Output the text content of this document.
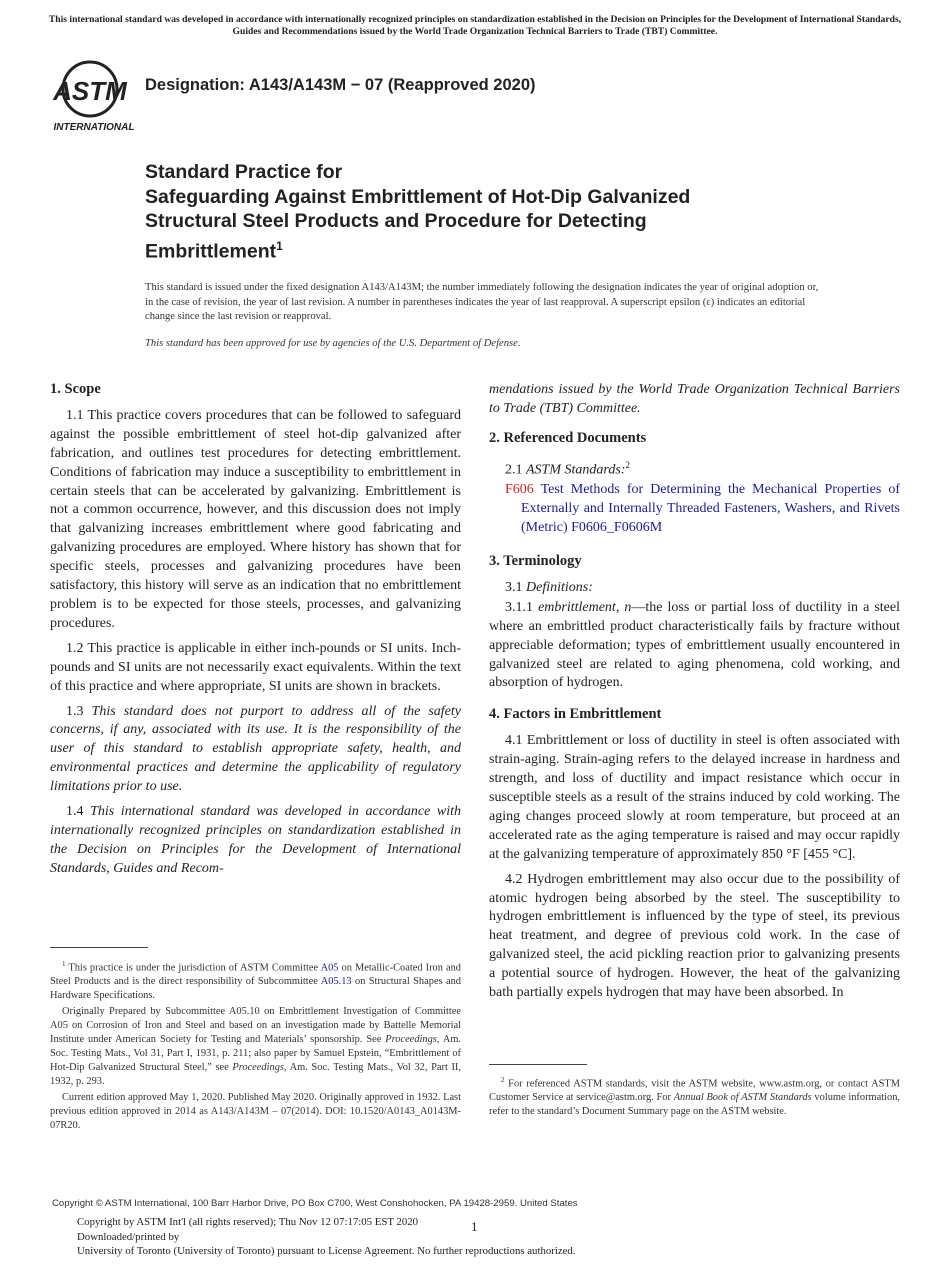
This international standard was developed in accordance with internationally recognized principles on standardization established in the Decision on Principles for the Development of International Standards, Guides and Recommendations issued by the World Trade Organization Technical Barriers to Trade (TBT) Committee.
ASTM
INTERNATIONAL
Designation: A143/A143M − 07 (Reapproved 2020)
Standard Practice for
Safeguarding Against Embrittlement of Hot-Dip Galvanized
Structural Steel Products and Procedure for Detecting
Embrittlement$^1$
This standard is issued under the fixed designation A143/A143M; the number immediately following the designation indicates the year of original adoption or, in the case of revision, the year of last revision. A number in parentheses indicates the year of last reapproval. A superscript epsilon (ε) indicates an editorial change since the last revision or reapproval.
This standard has been approved for use by agencies of the U.S. Department of Defense.
1. Scope

1.1 This practice covers procedures that can be followed to safeguard against the possible embrittlement of steel hot-dip galvanized after fabrication, and outlines test procedures for detecting embrittlement. Conditions of fabrication may induce a susceptibility to embrittlement in certain steels that can be accelerated by galvanizing. Embrittlement is not a common occurrence, however, and this discussion does not imply that galvanizing increases embrittlement where good fabricating and galvanizing procedures are employed. Where history has shown that for specific steels, processes and galvanizing procedures have been satisfactory, this history will serve as an indication that no embrittlement problem is to be expected for those steels, processes, and galvanizing procedures.

1.2 This practice is applicable in either inch-pounds or SI units. Inch-pounds and SI units are not necessarily exact equivalents. Within the text of this practice and where appropriate, SI units are shown in brackets.

1.3 This standard does not purport to address all of the safety concerns, if any, associated with its use. It is the responsibility of the user of this standard to establish appropriate safety, health, and environmental practices and determine the applicability of regulatory limitations prior to use.

1.4 This international standard was developed in accordance with internationally recognized principles on standardization established in the Decision on Principles for the Development of International Standards, Guides and Recom-

mendations issued by the World Trade Organization Technical Barriers to Trade (TBT) Committee.

2. Referenced Documents

2.1 ASTM Standards:$^2$

F606 Test Methods for Determining the Mechanical Properties of Externally and Internally Threaded Fasteners, Washers, and Rivets (Metric) F0606_F0606M
3. Terminology

3.1 Definitions:

3.1.1 embrittlement, n—the loss or partial loss of ductility in a steel where an embrittled product characteristically fails by fracture without appreciable deformation; types of embrittlement usually encountered in galvanized steel are related to aging phenomena, cold working, and absorption of hydrogen.

4. Factors in Embrittlement

4.1 Embrittlement or loss of ductility in steel is often associated with strain-aging. Strain-aging refers to the delayed increase in hardness and strength, and loss of ductility and impact resistance which occur in susceptible steels as a result of the strains induced by cold working. The aging changes proceed slowly at room temperature, but proceed at an accelerated rate as the aging temperature is raised and may occur rapidly at the galvanizing temperature of approximately 850 °F [455 °C].

4.2 Hydrogen embrittlement may also occur due to the possibility of atomic hydrogen being absorbed by the steel. The susceptibility to hydrogen embrittlement is influenced by the type of steel, its previous heat treatment, and degree of previous cold work. In the case of galvanized steel, the acid pickling reaction prior to galvanizing presents a potential source of hydrogen. However, the heat of the galvanizing bath partially expels hydrogen that may have been absorbed. In

$^1$ This practice is under the jurisdiction of ASTM Committee A05 on Metallic-Coated Iron and Steel Products and is the direct responsibility of Subcommittee A05.13 on Structural Shapes and Hardware Specifications.

Originally Prepared by Subcommittee A05.10 on Embrittlement Investigation of Committee A05 on Corrosion of Iron and Steel and based on an investigation made by Battelle Memorial Institute under American Society for Testing and Materials’ sponsorship. See Proceedings, Am. Soc. Testing Mats., Vol 31, Part I, 1931, p. 211; also paper by Samuel Epstein, “Embrittlement of Hot-Dip Galvanized Structural Steel,” see Proceedings, Am. Soc. Testing Mats., Vol 32, Part II, 1932, p. 293.

Current edition approved May 1, 2020. Published May 2020. Originally approved in 1932. Last previous edition approved in 2014 as A143/A143M – 07(2014). DOI: 10.1520/A0143_A0143M-07R20.

$^2$ For referenced ASTM standards, visit the ASTM website, www.astm.org, or contact ASTM Customer Service at service@astm.org. For Annual Book of ASTM Standards volume information, refer to the standard’s Document Summary page on the ASTM website.

Copyright © ASTM International, 100 Barr Harbor Drive, PO Box C700, West Conshohocken, PA 19428-2959. United States
Copyright by ASTM Int'l (all rights reserved); Thu Nov 12 07:17:05 EST 2020
Downloaded/printed by
University of Toronto (University of Toronto) pursuant to License Agreement. No further reproductions authorized.
1
